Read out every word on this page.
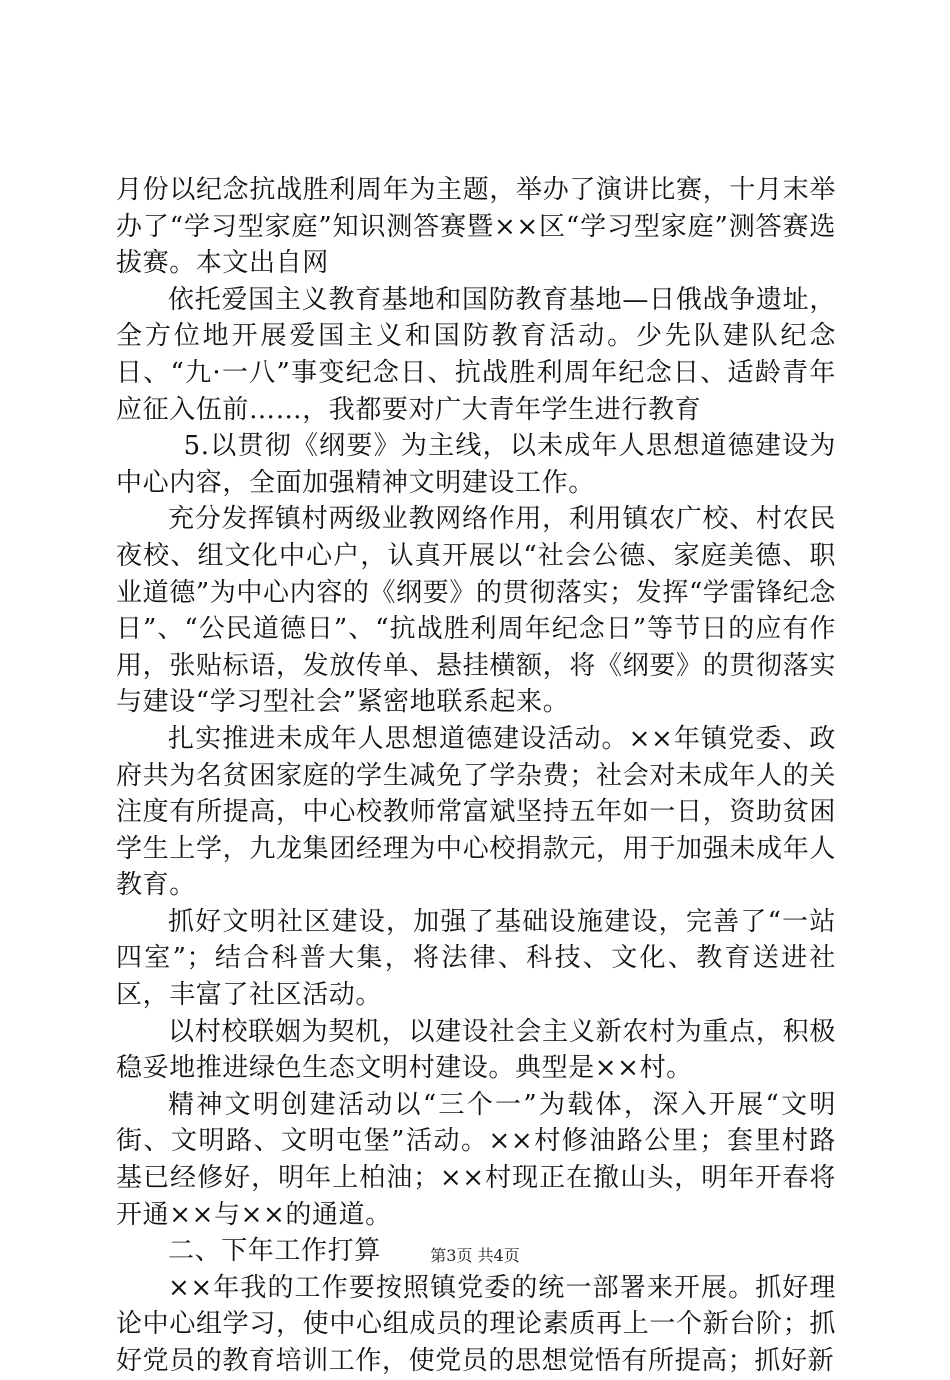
月份以纪念抗战胜利周年为主题，举办了演讲比赛，十月末举办了“学习型家庭”知识测答赛暨××区“学习型家庭”测答赛选拔赛。本文出自网

依托爱国主义教育基地和国防教育基地—日俄战争遗址，全方位地开展爱国主义和国防教育活动。少先队建队纪念日、“九·一八”事变纪念日、抗战胜利周年纪念日、适龄青年应征入伍前……，我都要对广大青年学生进行教育

5.以贯彻《纲要》为主线，以未成年人思想道德建设为中心内容，全面加强精神文明建设工作。

充分发挥镇村两级业教网络作用，利用镇农广校、村农民夜校、组文化中心户，认真开展以“社会公德、家庭美德、职业道德”为中心内容的《纲要》的贯彻落实；发挥“学雷锋纪念日”、“公民道德日”、“抗战胜利周年纪念日”等节日的应有作用，张贴标语，发放传单、悬挂横额，将《纲要》的贯彻落实与建设“学习型社会”紧密地联系起来。

扎实推进未成年人思想道德建设活动。××年镇党委、政府共为名贫困家庭的学生减免了学杂费；社会对未成年人的关注度有所提高，中心校教师常富斌坚持五年如一日，资助贫困学生上学，九龙集团经理为中心校捐款元，用于加强未成年人教育。

抓好文明社区建设，加强了基础设施建设，完善了“一站四室”；结合科普大集，将法律、科技、文化、教育送进社区，丰富了社区活动。

以村校联姻为契机，以建设社会主义新农村为重点，积极稳妥地推进绿色生态文明村建设。典型是××村。

精神文明创建活动以“三个一”为载体，深入开展“文明街、文明路、文明屯堡”活动。××村修油路公里；套里村路基已经修好，明年上柏油；××村现正在撤山头，明年开春将开通××与××的通道。

二、下年工作打算

××年我的工作要按照镇党委的统一部署来开展。抓好理论中心组学习，使中心组成员的理论素质再上一个新台阶；抓好党员的教育培训工作，使党员的思想觉悟有所提高；抓好新

第3页 共4页
